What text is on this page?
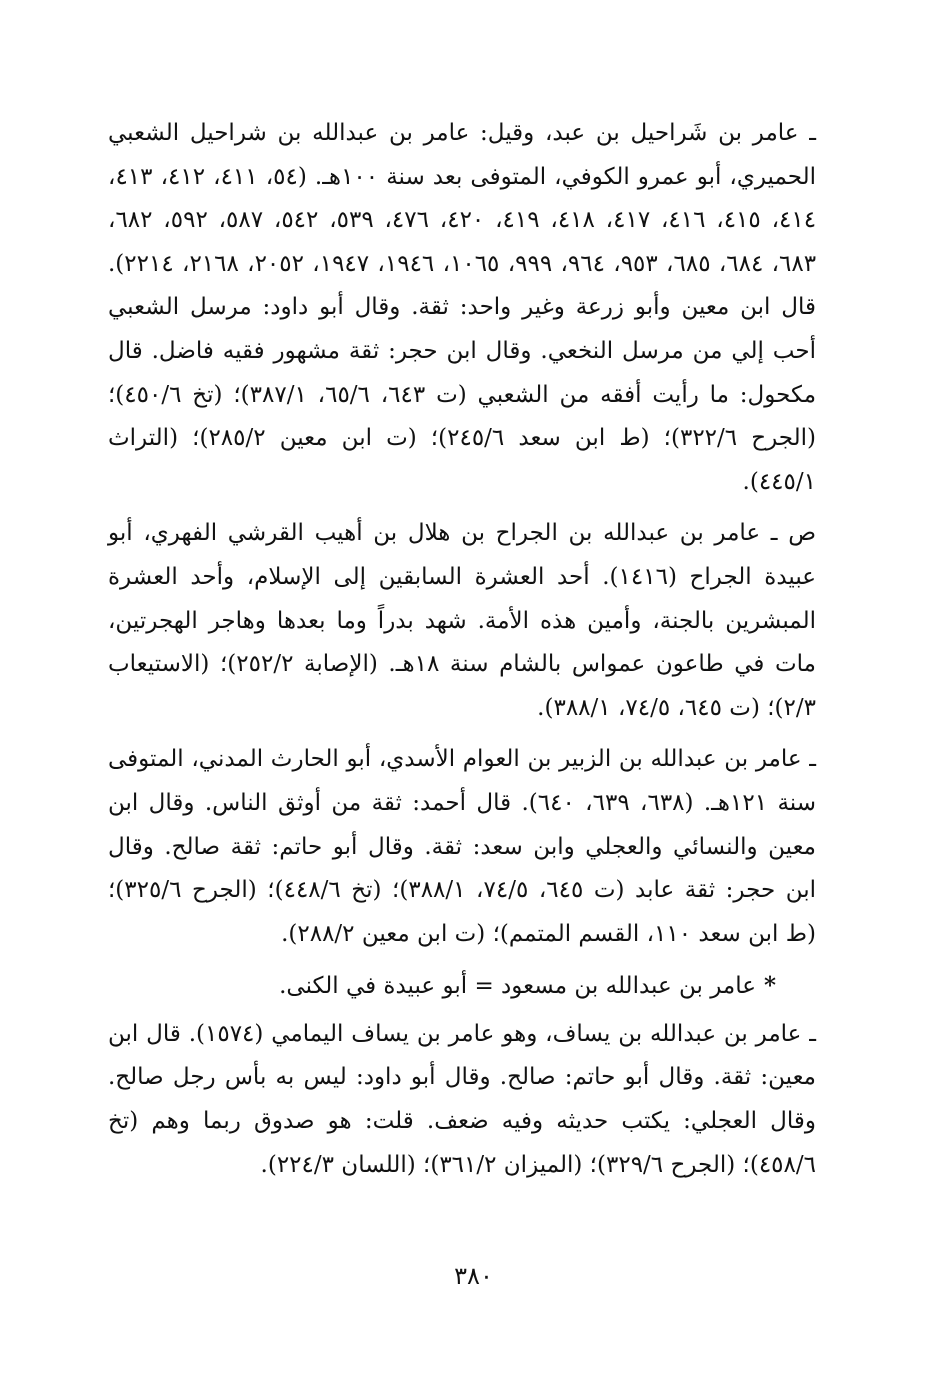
ـ عامر بن شَراحيل بن عبد، وقيل: عامر بن عبدالله بن شراحيل الشعبي الحميري، أبو عمرو الكوفي، المتوفى بعد سنة ١٠٠هـ. (٥٤، ٤١١، ٤١٢، ٤١٣، ٤١٤، ٤١٥، ٤١٦، ٤١٧، ٤١٨، ٤١٩، ٤٢٠، ٤٧٦، ٥٣٩، ٥٤٢، ٥٨٧، ٥٩٢، ٦٨٢، ٦٨٣، ٦٨٤، ٦٨٥، ٩٥٣، ٩٦٤، ٩٩٩، ١٠٦٥، ١٩٤٦، ١٩٤٧، ٢٠٥٢، ٢١٦٨، ٢٢١٤). قال ابن معين وأبو زرعة وغير واحد: ثقة. وقال أبو داود: مرسل الشعبي أحب إلي من مرسل النخعي. وقال ابن حجر: ثقة مشهور فقيه فاضل. قال مكحول: ما رأيت أفقه من الشعبي (ت ٦٤٣، ٦٥/٦، ٣٨٧/١)؛ (تخ ٤٥٠/٦)؛ (الجرح ٣٢٢/٦)؛ (ط ابن سعد ٢٤٥/٦)؛ (ت ابن معين ٢٨٥/٢)؛ (التراث ٤٤٥/١).

ص ـ عامر بن عبدالله بن الجراح بن هلال بن أهيب القرشي الفهري، أبو عبيدة الجراح (١٤١٦). أحد العشرة السابقين إلى الإسلام، وأحد العشرة المبشرين بالجنة، وأمين هذه الأمة. شهد بدراً وما بعدها وهاجر الهجرتين، مات في طاعون عمواس بالشام سنة ١٨هـ. (الإصابة ٢٥٢/٢)؛ (الاستيعاب ٢/٣)؛ (ت ٦٤٥، ٧٤/٥، ٣٨٨/١).

ـ عامر بن عبدالله بن الزبير بن العوام الأسدي، أبو الحارث المدني، المتوفى سنة ١٢١هـ. (٦٣٨، ٦٣٩، ٦٤٠). قال أحمد: ثقة من أوثق الناس. وقال ابن معين والنسائي والعجلي وابن سعد: ثقة. وقال أبو حاتم: ثقة صالح. وقال ابن حجر: ثقة عابد (ت ٦٤٥، ٧٤/٥، ٣٨٨/١)؛ (تخ ٤٤٨/٦)؛ (الجرح ٣٢٥/٦)؛ (ط ابن سعد ١١٠، القسم المتمم)؛ (ت ابن معين ٢٨٨/٢).

*عامر بن عبدالله بن مسعود = أبو عبيدة في الكنى.

ـ عامر بن عبدالله بن يساف، وهو عامر بن يساف اليمامي (١٥٧٤). قال ابن معين: ثقة. وقال أبو حاتم: صالح. وقال أبو داود: ليس به بأس رجل صالح. وقال العجلي: يكتب حديثه وفيه ضعف. قلت: هو صدوق ربما وهم (تخ ٤٥٨/٦)؛ (الجرح ٣٢٩/٦)؛ (الميزان ٣٦١/٢)؛ (اللسان ٢٢٤/٣).

٣٨٠
